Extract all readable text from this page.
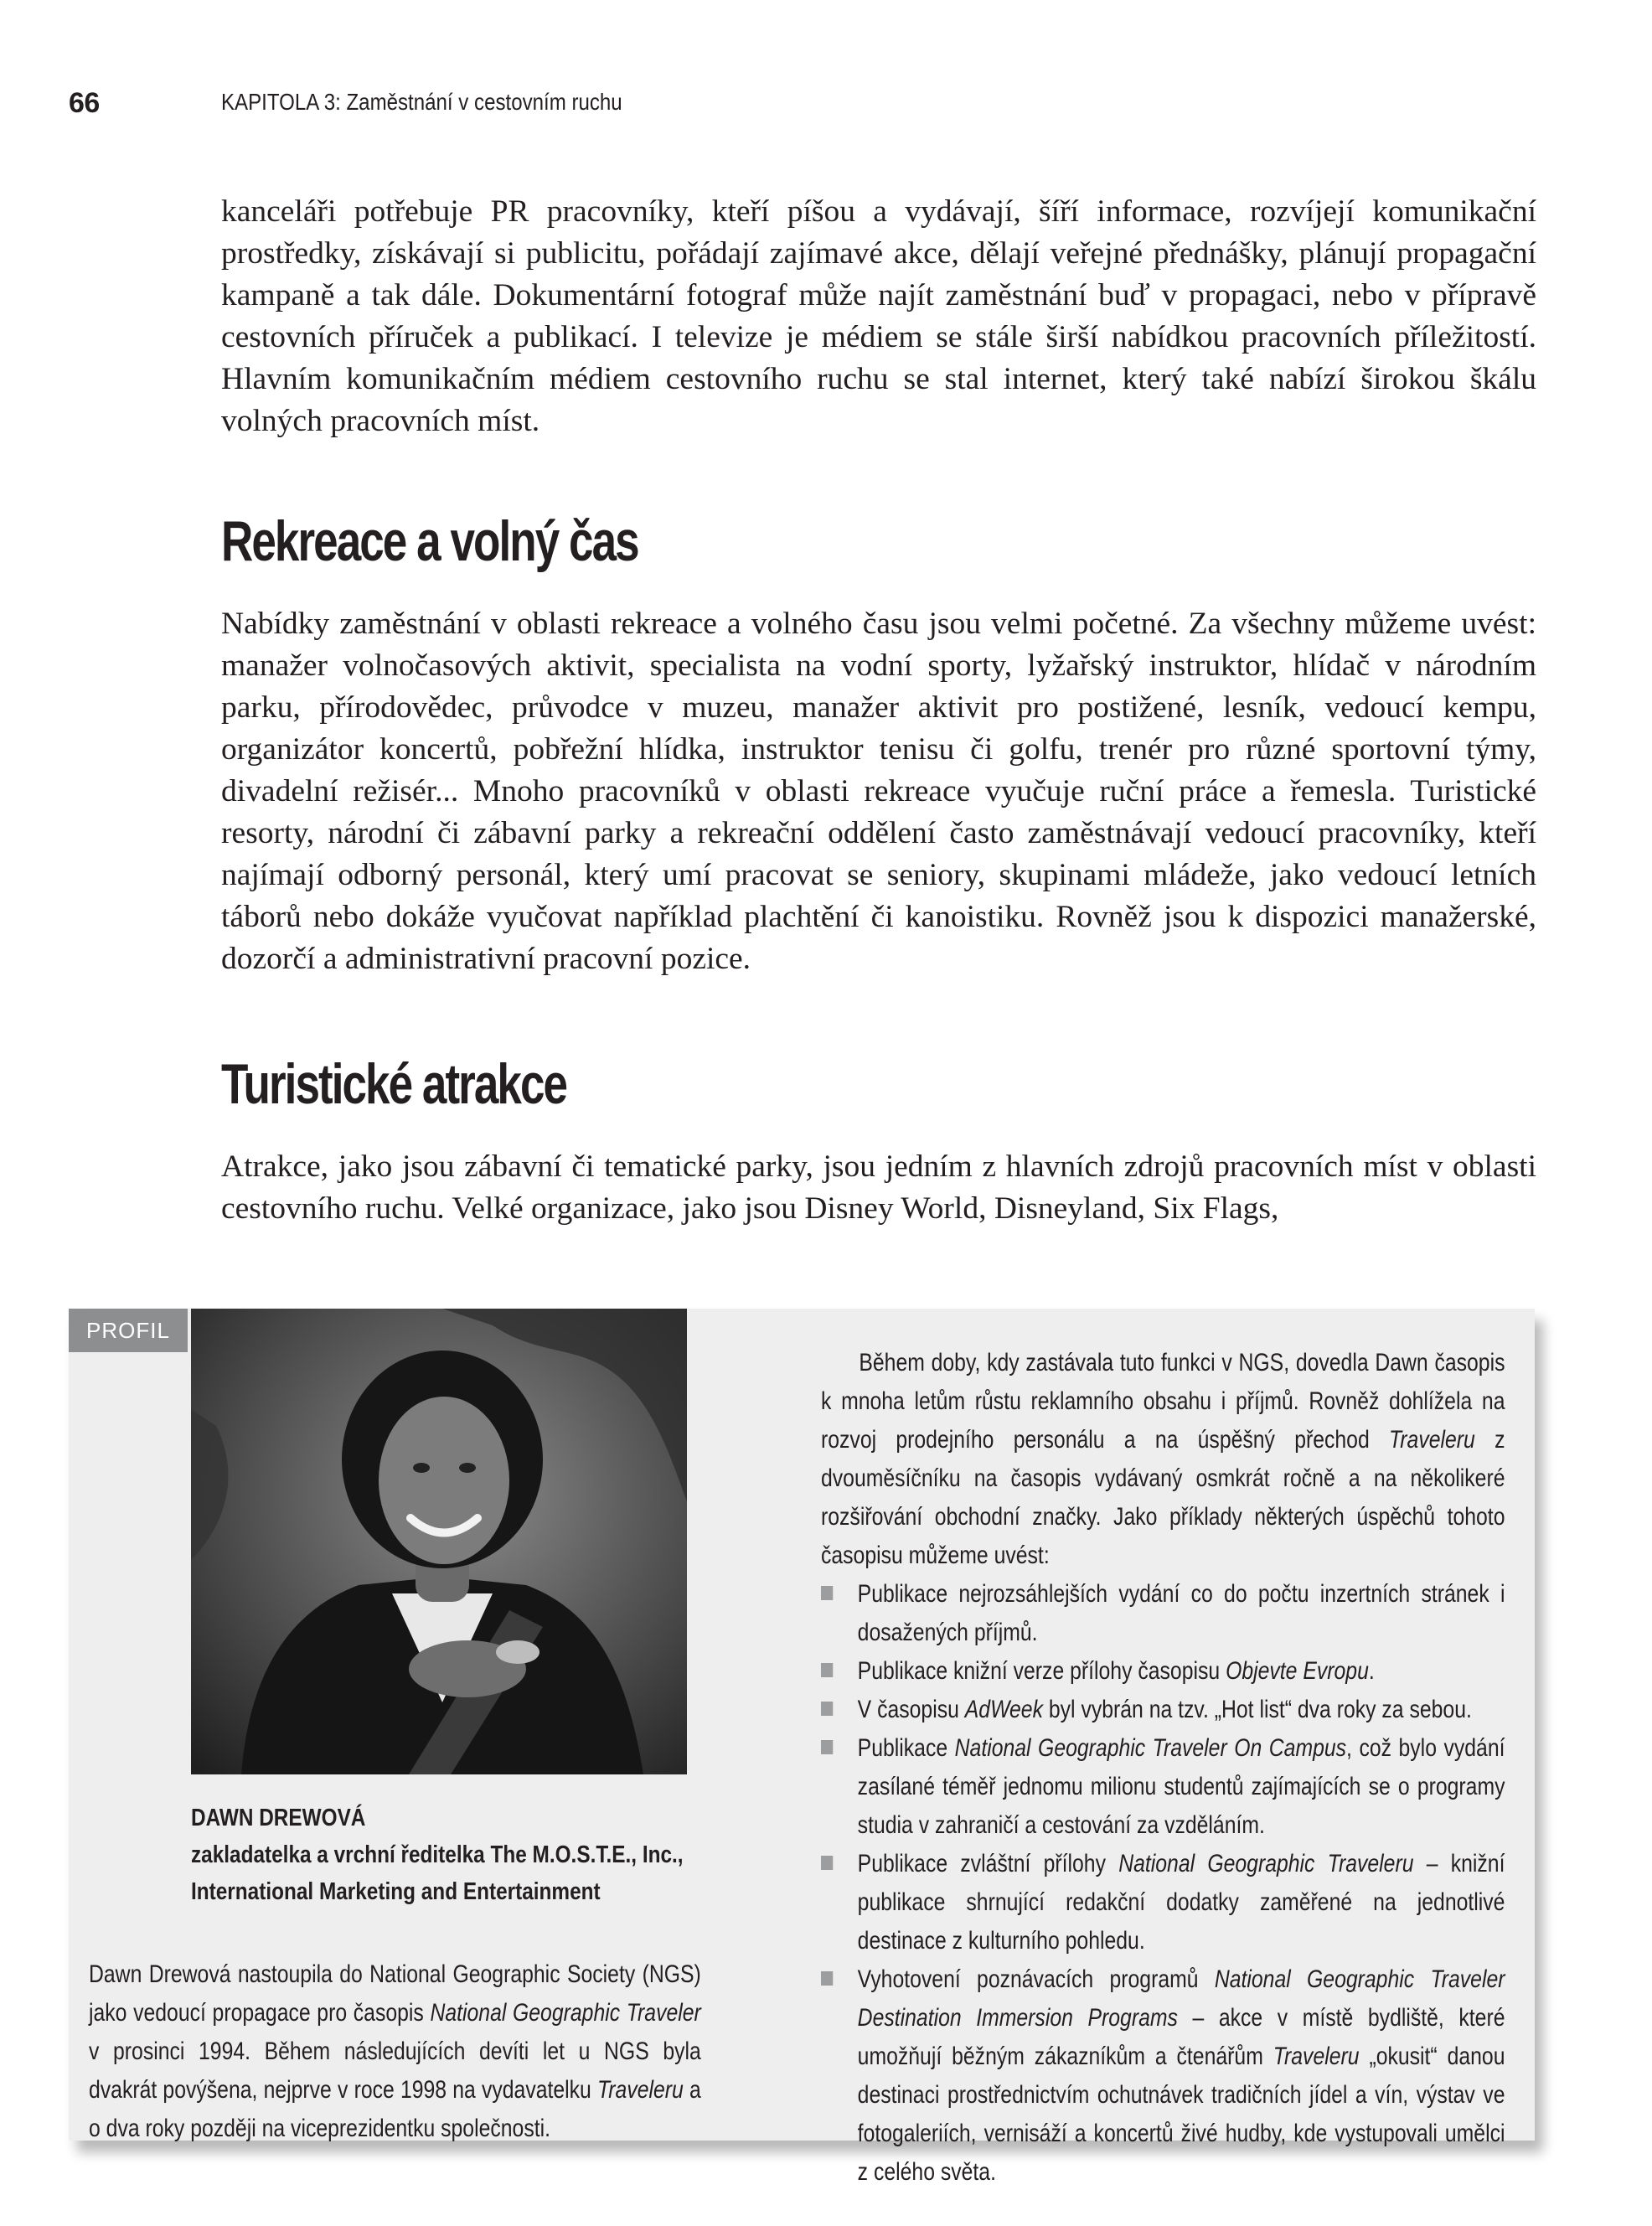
66	KAPITOLA 3: Zaměstnání v cestovním ruchu

kanceláři potřebuje PR pracovníky, kteří píšou a vydávají, šíří informace, rozvíjejí komunikační prostředky, získávají si publicitu, pořádají zajímavé akce, dělají veřejné přednášky, plánují propagační kampaně a tak dále. Dokumentární fotograf může najít zaměstnání buď v propagaci, nebo v přípravě cestovních příruček a publikací. I televize je médiem se stále širší nabídkou pracovních příležitostí. Hlavním komunikačním médiem cestovního ruchu se stal internet, který také nabízí širokou škálu volných pracovních míst.

Rekreace a volný čas

Nabídky zaměstnání v oblasti rekreace a volného času jsou velmi početné. Za všechny můžeme uvést: manažer volnočasových aktivit, specialista na vodní sporty, lyžařský instruktor, hlídač v národním parku, přírodovědec, průvodce v muzeu, manažer aktivit pro postižené, lesník, vedoucí kempu, organizátor koncertů, pobřežní hlídka, instruktor tenisu či golfu, trenér pro různé sportovní týmy, divadelní režisér... Mnoho pracovníků v oblasti rekreace vyučuje ruční práce a řemesla. Turistické resorty, národní či zábavní parky a rekreační oddělení často zaměstnávají vedoucí pracovníky, kteří najímají odborný personál, který umí pracovat se seniory, skupinami mládeže, jako vedoucí letních táborů nebo dokáže vyučovat například plachtění či kanoistiku. Rovněž jsou k dispozici manažerské, dozorčí a administrativní pracovní pozice.

Turistické atrakce

Atrakce, jako jsou zábavní či tematické parky, jsou jedním z hlavních zdrojů pracovních míst v oblasti cestovního ruchu. Velké organizace, jako jsou Disney World, Disneyland, Six Flags,

PROFIL
DAWN DREWOVÁ
zakladatelka a vrchní ředitelka The M.O.S.T.E., Inc.,
International Marketing and Entertainment
Dawn Drewová nastoupila do National Geographic Society (NGS) jako vedoucí propagace pro časopis National Geographic Traveler v prosinci 1994. Během následujících devíti let u NGS byla dvakrát povýšena, nejprve v roce 1998 na vydavatelku Traveleru a o dva roky později na viceprezidentku společnosti.

Během doby, kdy zastávala tuto funkci v NGS, dovedla Dawn časopis k mnoha letům růstu reklamního obsahu i příjmů. Rovněž dohlížela na rozvoj prodejního personálu a na úspěšný přechod Traveleru z dvouměsíčníku na časopis vydávaný osmkrát ročně a na několikeré rozšiřování obchodní značky. Jako příklady některých úspěchů tohoto časopisu můžeme uvést:

Publikace nejrozsáhlejších vydání co do počtu inzertních stránek i dosažených příjmů.
Publikace knižní verze přílohy časopisu Objevte Evropu.
V časopisu AdWeek byl vybrán na tzv. „Hot list“ dva roky za sebou.
Publikace National Geographic Traveler On Campus, což bylo vydání zasílané téměř jednomu milionu studentů zajímajících se o programy studia v zahraničí a cestování za vzděláním.
Publikace zvláštní přílohy National Geographic Traveleru – knižní publikace shrnující redakční dodatky zaměřené na jednotlivé destinace z kulturního pohledu.
Vyhotovení poznávacích programů National Geographic Traveler Destination Immersion Programs – akce v místě bydliště, které umožňují běžným zákazníkům a čtenářům Traveleru „okusit“ danou destinaci prostřednictvím ochutnávek tradičních jídel a vín, výstav ve fotogaleriích, vernisáží a koncertů živé hudby, kde vystupovali umělci z celého světa.
